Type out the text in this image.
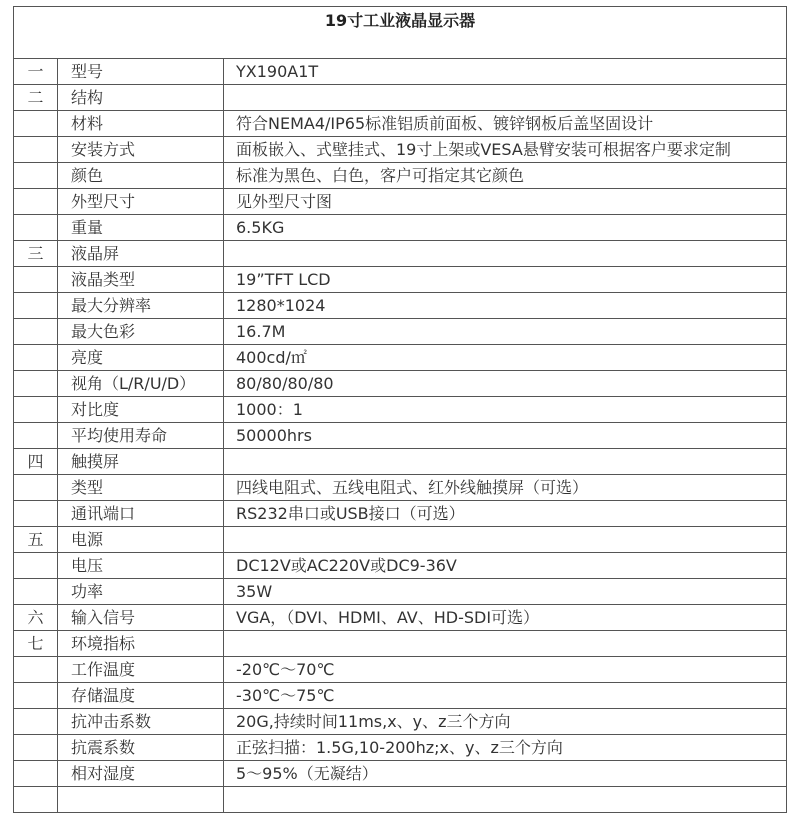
19寸工业液晶显示器		
一	型号	YX190A1T
二	结构	
	材料	符合NEMA4/IP65标准铝质前面板、镀锌钢板后盖坚固设计
	安装方式	面板嵌入、式壁挂式、19寸上架或VESA悬臂安装可根据客户要求定制
	颜色	标准为黑色、白色，客户可指定其它颜色
	外型尺寸	见外型尺寸图
	重量	6.5KG
三	液晶屏	
	液晶类型	19”TFT LCD
	最大分辨率	1280*1024
	最大色彩	16.7M
	亮度	400cd/㎡
	视角（L/R/U/D）	80/80/80/80
	对比度	1000：1
	平均使用寿命	50000hrs
四	触摸屏	
	类型	四线电阻式、五线电阻式、红外线触摸屏（可选）
	通讯端口	RS232串口或USB接口（可选）
五	电源	
	电压	DC12V或AC220V或DC9-36V
	功率	35W
六	输入信号	VGA，（DVI、HDMI、AV、HD-SDI可选）
七	环境指标	
	工作温度	-20℃～70℃
	存储温度	-30℃～75℃
	抗冲击系数	20G,持续时间11ms,x、y、z三个方向
	抗震系数	正弦扫描：1.5G,10-200hz;x、y、z三个方向
	相对湿度	5～95%（无凝结）
